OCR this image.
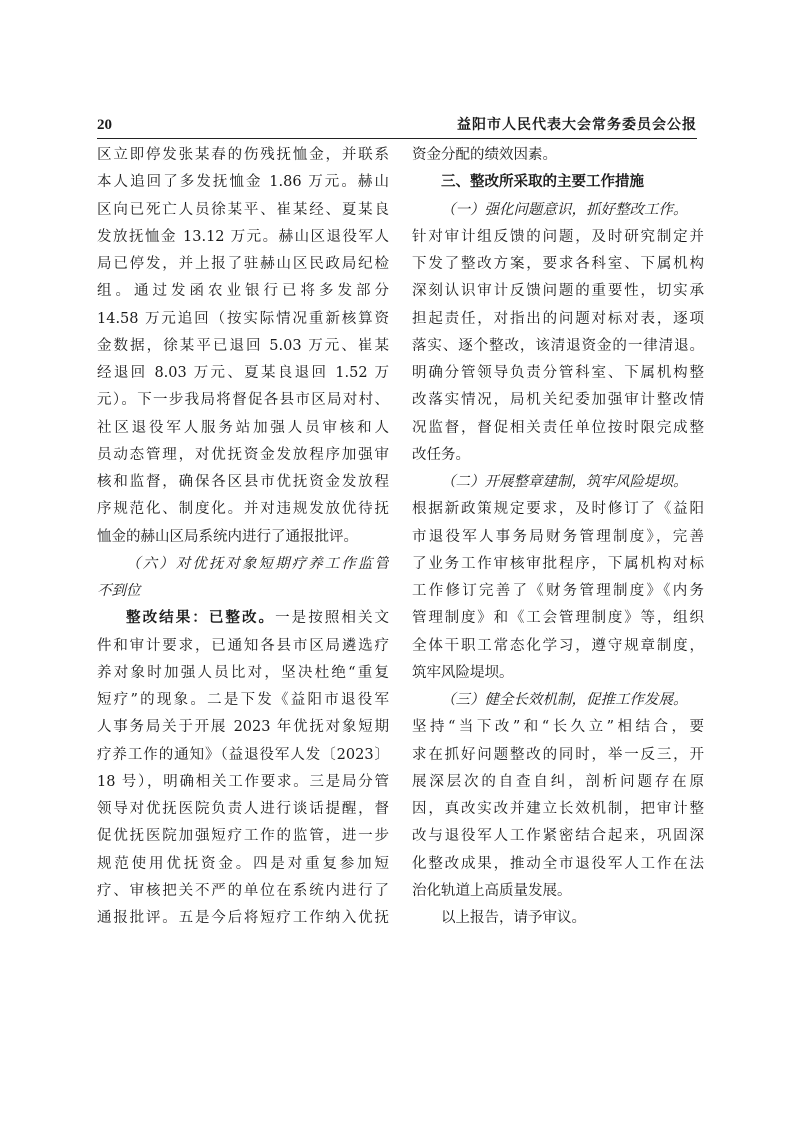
20	益阳市人民代表大会常务委员会公报
区立即停发张某春的伤残抚恤金，并联系
本人追回了多发抚恤金 1.86 万元。赫山
区向已死亡人员徐某平、崔某经、夏某良
发放抚恤金 13.12 万元。赫山区退役军人
局已停发，并上报了驻赫山区民政局纪检
组。通过发函农业银行已将多发部分
14.58 万元追回（按实际情况重新核算资
金数据，徐某平已退回 5.03 万元、崔某
经退回 8.03 万元、夏某良退回 1.52 万
元）。下一步我局将督促各县市区局对村、
社区退役军人服务站加强人员审核和人
员动态管理，对优抚资金发放程序加强审
核和监督，确保各区县市优抚资金发放程
序规范化、制度化。并对违规发放优待抚
恤金的赫山区局系统内进行了通报批评。
（六）对优抚对象短期疗养工作监管
不到位
整改结果：已整改。一是按照相关文
件和审计要求，已通知各县市区局遴选疗
养对象时加强人员比对，坚决杜绝“重复
短疗”的现象。二是下发《益阳市退役军
人事务局关于开展 2023 年优抚对象短期
疗养工作的通知》（益退役军人发〔2023〕
18 号），明确相关工作要求。三是局分管
领导对优抚医院负责人进行谈话提醒，督
促优抚医院加强短疗工作的监管，进一步
规范使用优抚资金。四是对重复参加短
疗、审核把关不严的单位在系统内进行了
通报批评。五是今后将短疗工作纳入优抚
资金分配的绩效因素。
三、整改所采取的主要工作措施
（一）强化问题意识，抓好整改工作。
针对审计组反馈的问题，及时研究制定并
下发了整改方案，要求各科室、下属机构
深刻认识审计反馈问题的重要性，切实承
担起责任，对指出的问题对标对表，逐项
落实、逐个整改，该清退资金的一律清退。
明确分管领导负责分管科室、下属机构整
改落实情况，局机关纪委加强审计整改情
况监督，督促相关责任单位按时限完成整
改任务。
（二）开展整章建制，筑牢风险堤坝。
根据新政策规定要求，及时修订了《益阳
市退役军人事务局财务管理制度》，完善
了业务工作审核审批程序，下属机构对标
工作修订完善了《财务管理制度》《内务
管理制度》和《工会管理制度》等，组织
全体干职工常态化学习，遵守规章制度，
筑牢风险堤坝。
（三）健全长效机制，促推工作发展。
坚持“当下改”和“长久立”相结合，要
求在抓好问题整改的同时，举一反三，开
展深层次的自查自纠，剖析问题存在原
因，真改实改并建立长效机制，把审计整
改与退役军人工作紧密结合起来，巩固深
化整改成果，推动全市退役军人工作在法
治化轨道上高质量发展。
以上报告，请予审议。
